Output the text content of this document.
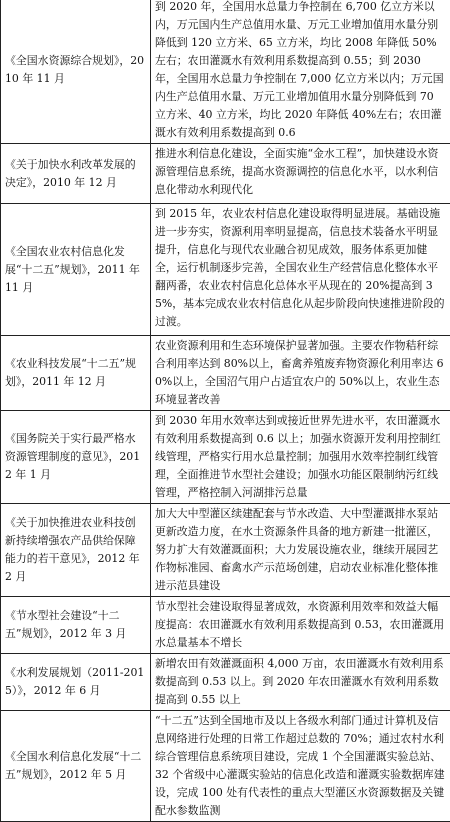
《全国水资源综合规划》，2010 年 11 月	到 2020 年，全国用水总量力争控制在 6,700 亿立方米以内，万元国内生产总值用水量、万元工业增加值用水量分别降低到 120 立方米、65 立方米，均比 2008 年降低 50%左右；农田灌溉水有效利用系数提高到 0.55；到 2030 年，全国用水总量力争控制在 7,000 亿立方米以内；万元国内生产总值用水量、万元工业增加值用水量分别降低到 70 立方米、40 立方米，均比 2020 年降低 40%左右；农田灌溉水有效利用系数提高到 0.6

《关于加快水利改革发展的决定》，2010 年 12 月	推进水利信息化建设，全面实施“金水工程”，加快建设水资源管理信息系统，提高水资源调控的信息化水平，以水利信息化带动水利现代化

《全国农业农村信息化发展“十二五”规划》，2011 年 11 月	到 2015 年，农业农村信息化建设取得明显进展。基础设施进一步夯实，资源利用率明显提高，信息技术装备水平明显提升，信息化与现代农业融合初见成效，服务体系更加健全，运行机制逐步完善，全国农业生产经营信息化整体水平翻两番，农业农村信息化总体水平从现在的 20%提高到 35%，基本完成农业农村信息化从起步阶段向快速推进阶段的过渡。

《农业科技发展“十二五”规划》，2011 年 12 月	农业资源利用和生态环境保护显著加强。主要农作物秸秆综合利用率达到 80%以上，畜禽养殖废弃物资源化利用率达 60%以上，全国沼气用户占适宜农户的 50%以上，农业生态环境显著改善

《国务院关于实行最严格水资源管理制度的意见》，2012 年 1 月	到 2030 年用水效率达到或接近世界先进水平，农田灌溉水有效利用系数提高到 0.6 以上；加强水资源开发利用控制红线管理，严格实行用水总量控制；加强用水效率控制红线管理，全面推进节水型社会建设；加强水功能区限制纳污红线管理，严格控制入河湖排污总量

《关于加快推进农业科技创新持续增强农产品供给保障能力的若干意见》，2012 年 2 月	加大大中型灌区续建配套与节水改造、大中型灌溉排水泵站更新改造力度，在水土资源条件具备的地方新建一批灌区，努力扩大有效灌溉面积；大力发展设施农业，继续开展园艺作物标准园、畜禽水产示范场创建，启动农业标准化整体推进示范县建设

《节水型社会建设“十二五”规划》，2012 年 3 月	节水型社会建设取得显著成效，水资源利用效率和效益大幅度提高：农田灌溉水有效利用系数提高到 0.53，农田灌溉用水总量基本不增长

《水利发展规划（2011-2015）》，2012 年 6 月	新增农田有效灌溉面积 4,000 万亩，农田灌溉水有效利用系数提高到 0.53 以上。到 2020 年农田灌溉水有效利用系数提高到 0.55 以上

《全国水利信息化发展“十二五”规划》，2012 年 5 月	“十二五”达到全国地市及以上各级水利部门通过计算机及信息网络进行处理的日常工作超过总数的 70%；通过农村水利综合管理信息系统项目建设，完成 1 个全国灌溉实验总站、32 个省级中心灌溉实验站的信息化改造和灌溉实验数据库建设，完成 100 处有代表性的重点大型灌区水资源数据及关键配水参数监测
